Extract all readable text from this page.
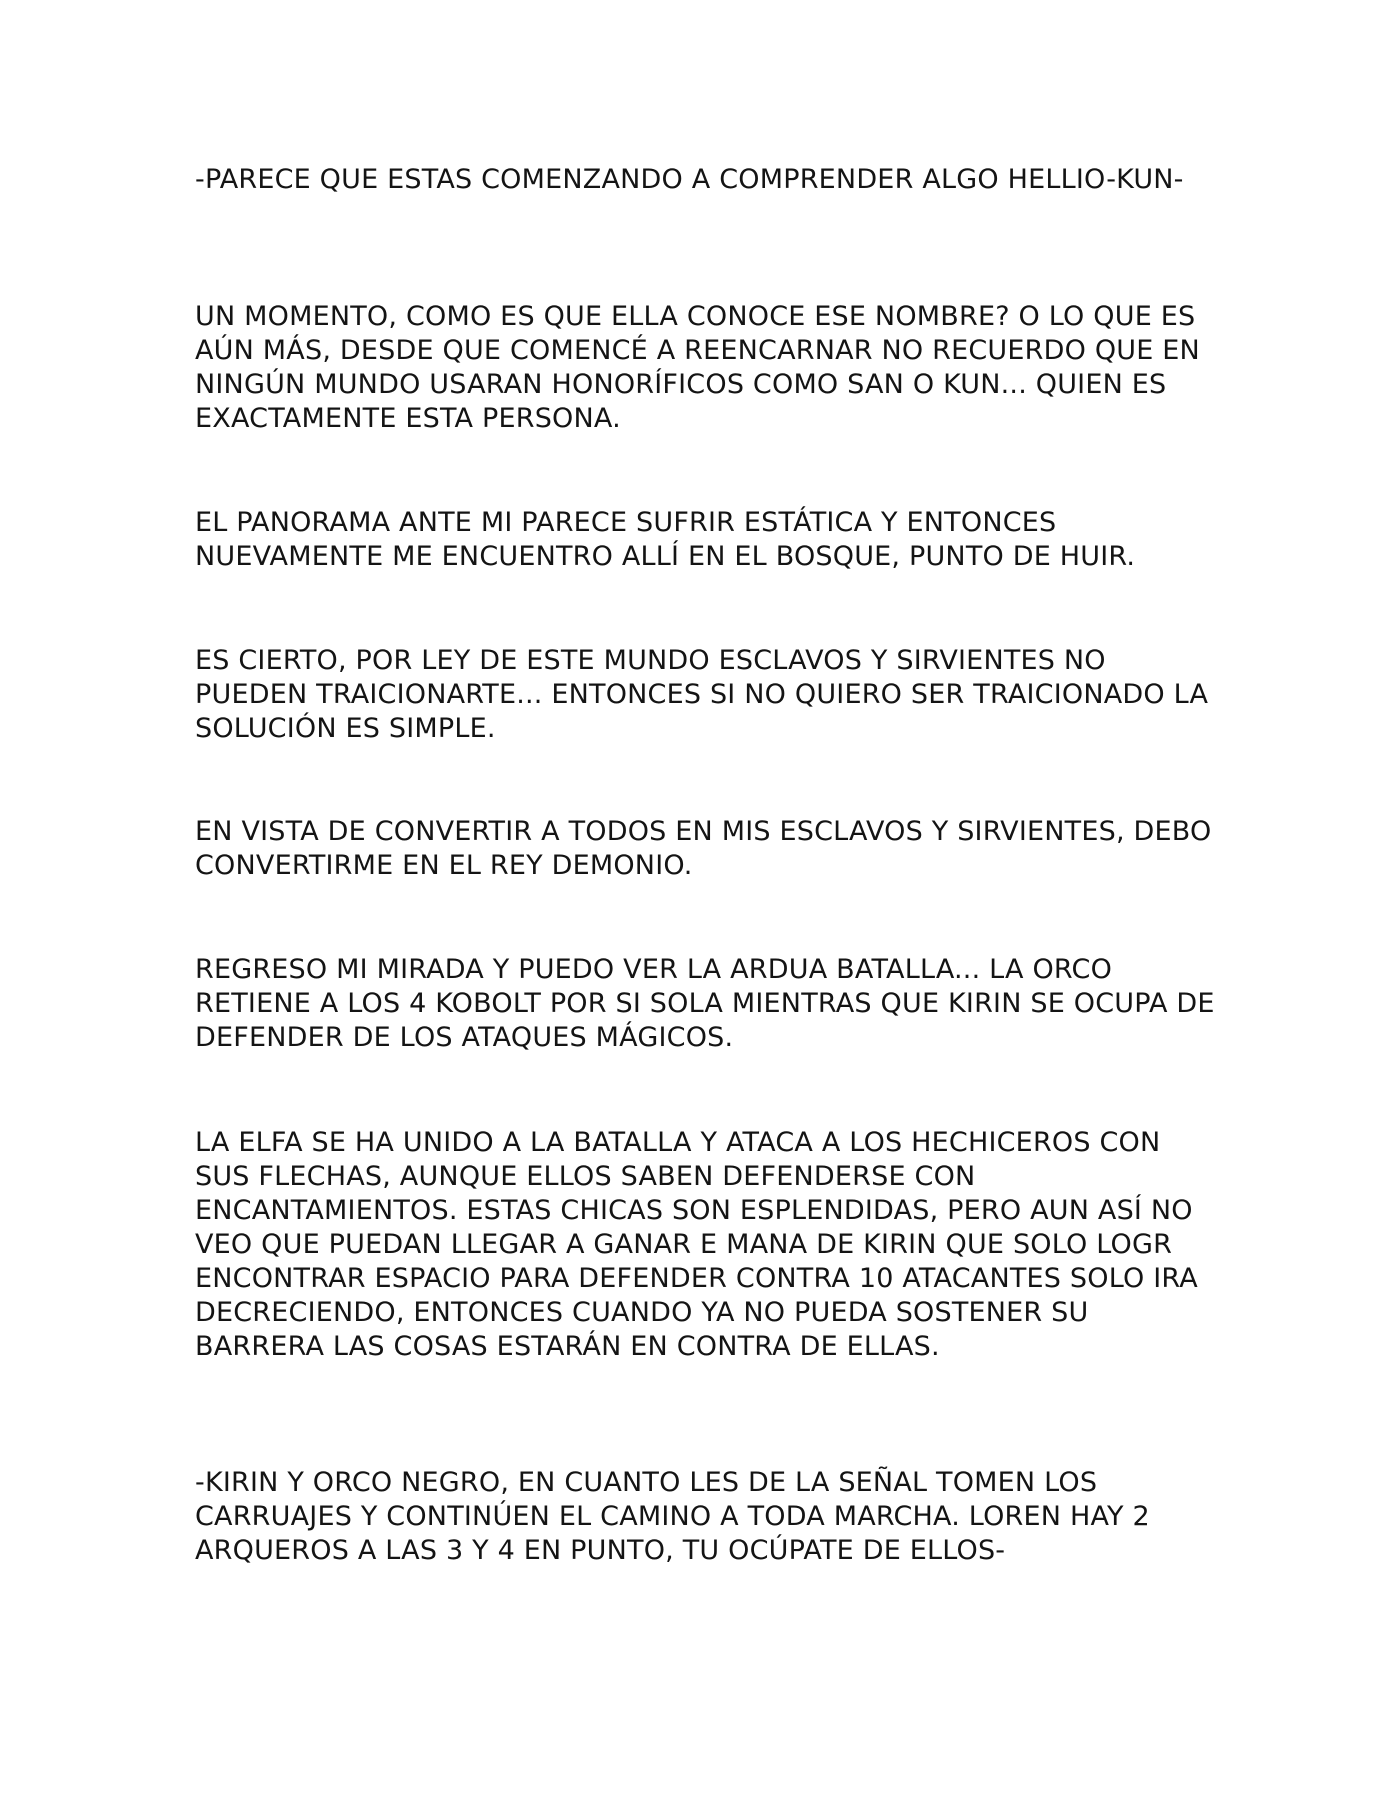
-PARECE QUE ESTAS COMENZANDO A COMPRENDER ALGO HELLIO-KUN-

UN MOMENTO, COMO ES QUE ELLA CONOCE ESE NOMBRE? O LO QUE ES AÚN MÁS, DESDE QUE COMENCÉ A REENCARNAR NO RECUERDO QUE EN NINGÚN MUNDO USARAN HONORÍFICOS COMO SAN O KUN... QUIEN ES EXACTAMENTE ESTA PERSONA.

EL PANORAMA ANTE MI PARECE SUFRIR ESTÁTICA Y ENTONCES NUEVAMENTE ME ENCUENTRO ALLÍ EN EL BOSQUE, PUNTO DE HUIR.

ES CIERTO, POR LEY DE ESTE MUNDO ESCLAVOS Y SIRVIENTES NO PUEDEN TRAICIONARTE... ENTONCES SI NO QUIERO SER TRAICIONADO LA SOLUCIÓN ES SIMPLE.

EN VISTA DE CONVERTIR A TODOS EN MIS ESCLAVOS Y SIRVIENTES, DEBO CONVERTIRME EN EL REY DEMONIO.

REGRESO MI MIRADA Y PUEDO VER LA ARDUA BATALLA... LA ORCO RETIENE A LOS 4 KOBOLT POR SI SOLA MIENTRAS QUE KIRIN SE OCUPA DE DEFENDER DE LOS ATAQUES MÁGICOS.

LA ELFA SE HA UNIDO A LA BATALLA Y ATACA A LOS HECHICEROS CON SUS FLECHAS, AUNQUE ELLOS SABEN DEFENDERSE CON ENCANTAMIENTOS. ESTAS CHICAS SON ESPLENDIDAS, PERO AUN ASÍ NO VEO QUE PUEDAN LLEGAR A GANAR E MANA DE KIRIN QUE SOLO LOGR ENCONTRAR ESPACIO PARA DEFENDER CONTRA 10 ATACANTES SOLO IRA DECRECIENDO, ENTONCES CUANDO YA NO PUEDA SOSTENER SU BARRERA LAS COSAS ESTARÁN EN CONTRA DE ELLAS.

-KIRIN Y ORCO NEGRO, EN CUANTO LES DE LA SEÑAL TOMEN LOS CARRUAJES Y CONTINÚEN EL CAMINO A TODA MARCHA. LOREN HAY 2 ARQUEROS A LAS 3 Y 4 EN PUNTO, TU OCÚPATE DE ELLOS-
